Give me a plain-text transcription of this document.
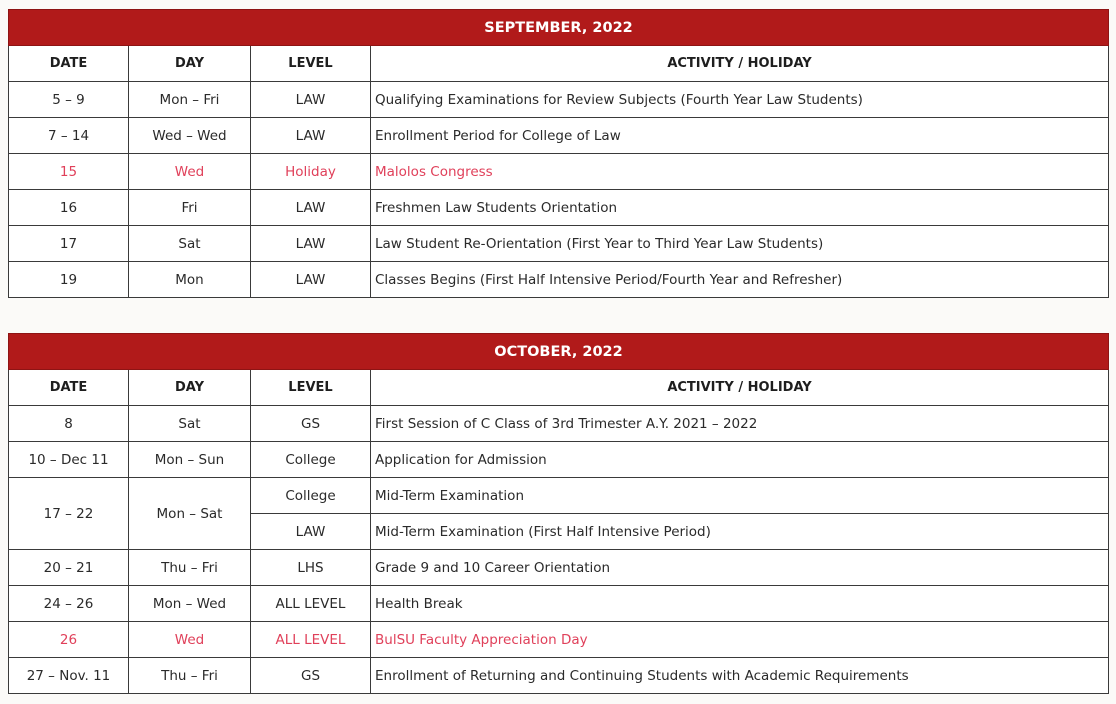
SEPTEMBER, 2022			
DATE	DAY	LEVEL	ACTIVITY / HOLIDAY
5 – 9	Mon – Fri	LAW	Qualifying Examinations for Review Subjects (Fourth Year Law Students)
7 – 14	Wed – Wed	LAW	Enrollment Period for College of Law
15	Wed	Holiday	Malolos Congress
16	Fri	LAW	Freshmen Law Students Orientation
17	Sat	LAW	Law Student Re-Orientation (First Year to Third Year Law Students)
19	Mon	LAW	Classes Begins (First Half Intensive Period/Fourth Year and Refresher)
OCTOBER, 2022			
DATE	DAY	LEVEL	ACTIVITY / HOLIDAY
8	Sat	GS	First Session of C Class of 3rd Trimester A.Y. 2021 – 2022
10 – Dec 11	Mon – Sun	College	Application for Admission
17 – 22	Mon – Sat	College	Mid-Term Examination
		LAW	Mid-Term Examination (First Half Intensive Period)
20 – 21	Thu – Fri	LHS	Grade 9 and 10 Career Orientation
24 – 26	Mon – Wed	ALL LEVEL	Health Break
26	Wed	ALL LEVEL	BulSU Faculty Appreciation Day
27 – Nov. 11	Thu – Fri	GS	Enrollment of Returning and Continuing Students with Academic Requirements
